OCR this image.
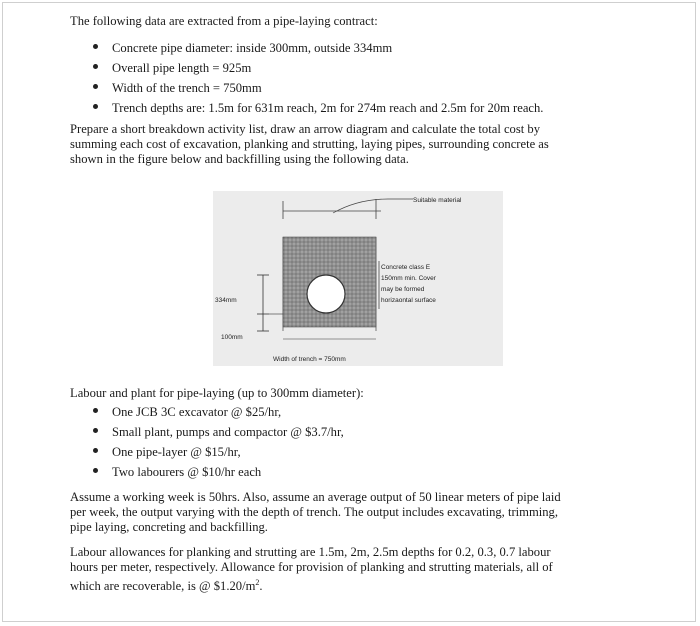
The following data are extracted from a pipe-laying contract:
Concrete pipe diameter: inside 300mm, outside 334mm
Overall pipe length = 925m
Width of the trench = 750mm
Trench depths are: 1.5m for 631m reach, 2m for 274m reach and 2.5m for 20m reach.
Prepare a short breakdown activity list, draw an arrow diagram and calculate the total cost by
summing each cost of excavation, planking and strutting, laying pipes, surrounding concrete as
shown in the figure below and backfilling using the following data.
334mm
100mm
Width of trench = 750mm
Suitable material
Concrete class E
150mm min. Cover
may be formed
horizaontal surface
Labour and plant for pipe-laying (up to 300mm diameter):
One JCB 3C excavator @ $25/hr,
Small plant, pumps and compactor @ $3.7/hr,
One pipe-layer @ $15/hr,
Two labourers @ $10/hr each
Assume a working week is 50hrs. Also, assume an average output of 50 linear meters of pipe laid
per week, the output varying with the depth of trench. The output includes excavating, trimming,
pipe laying, concreting and backfilling.
Labour allowances for planking and strutting are 1.5m, 2m, 2.5m depths for 0.2, 0.3, 0.7 labour
hours per meter, respectively. Allowance for provision of planking and strutting materials, all of
which are recoverable, is @ $\$1.20/m^2$.
